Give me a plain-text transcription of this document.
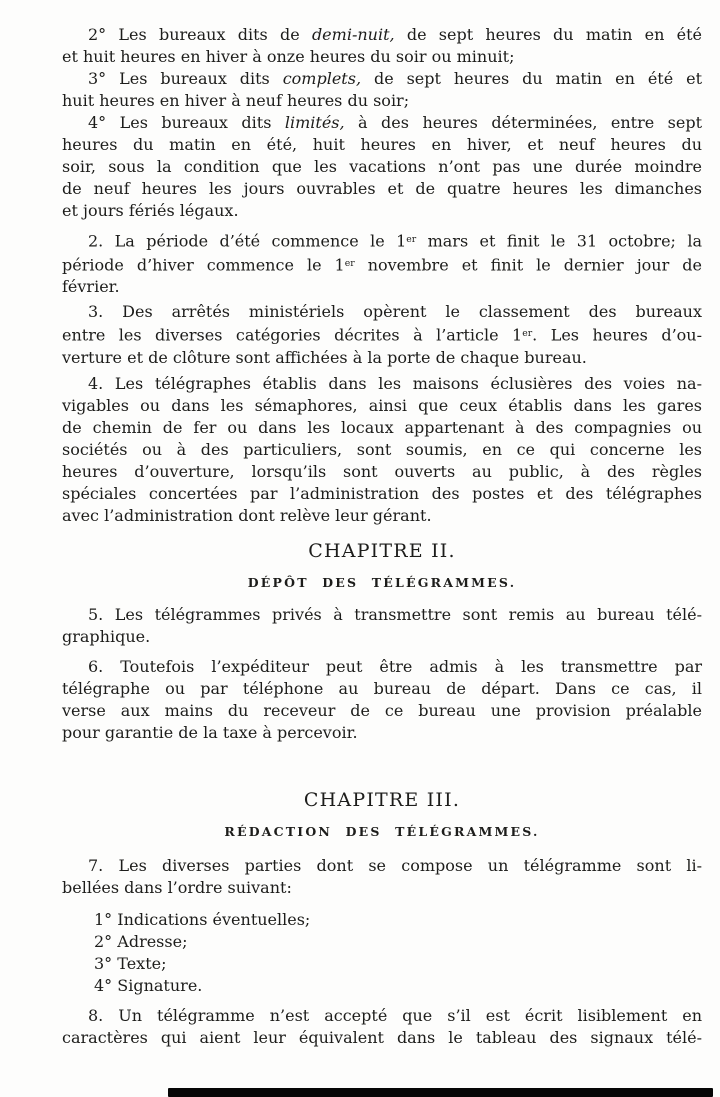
2° Les bureaux dits de demi-nuit, de sept heures du matin en été
et huit heures en hiver à onze heures du soir ou minuit;
3° Les bureaux dits complets, de sept heures du matin en été et
huit heures en hiver à neuf heures du soir;
4° Les bureaux dits limités, à des heures déterminées, entre sept
heures du matin en été, huit heures en hiver, et neuf heures du
soir, sous la condition que les vacations n’ont pas une durée moindre
de neuf heures les jours ouvrables et de quatre heures les dimanches
et jours fériés légaux.
2. La période d’été commence le 1er mars et finit le 31 octobre; la
période d’hiver commence le 1er novembre et finit le dernier jour de
février.
3. Des arrêtés ministériels opèrent le classement des bureaux
entre les diverses catégories décrites à l’article 1er. Les heures d’ou-
verture et de clôture sont affichées à la porte de chaque bureau.
4. Les télégraphes établis dans les maisons éclusières des voies na-
vigables ou dans les sémaphores, ainsi que ceux établis dans les gares
de chemin de fer ou dans les locaux appartenant à des compagnies ou
sociétés ou à des particuliers, sont soumis, en ce qui concerne les
heures d’ouverture, lorsqu’ils sont ouverts au public, à des règles
spéciales concertées par l’administration des postes et des télégraphes
avec l’administration dont relève leur gérant.
CHAPITRE II.
DÉPÔT DES TÉLÉGRAMMES.
5. Les télégrammes privés à transmettre sont remis au bureau télé-
graphique.
6. Toutefois l’expéditeur peut être admis à les transmettre par
télégraphe ou par téléphone au bureau de départ. Dans ce cas, il
verse aux mains du receveur de ce bureau une provision préalable
pour garantie de la taxe à percevoir.
CHAPITRE III.
RÉDACTION DES TÉLÉGRAMMES.
7. Les diverses parties dont se compose un télégramme sont li-
bellées dans l’ordre suivant:
1° Indications éventuelles;
2° Adresse;
3° Texte;
4° Signature.
8. Un télégramme n’est accepté que s’il est écrit lisiblement en
caractères qui aient leur équivalent dans le tableau des signaux télé-
